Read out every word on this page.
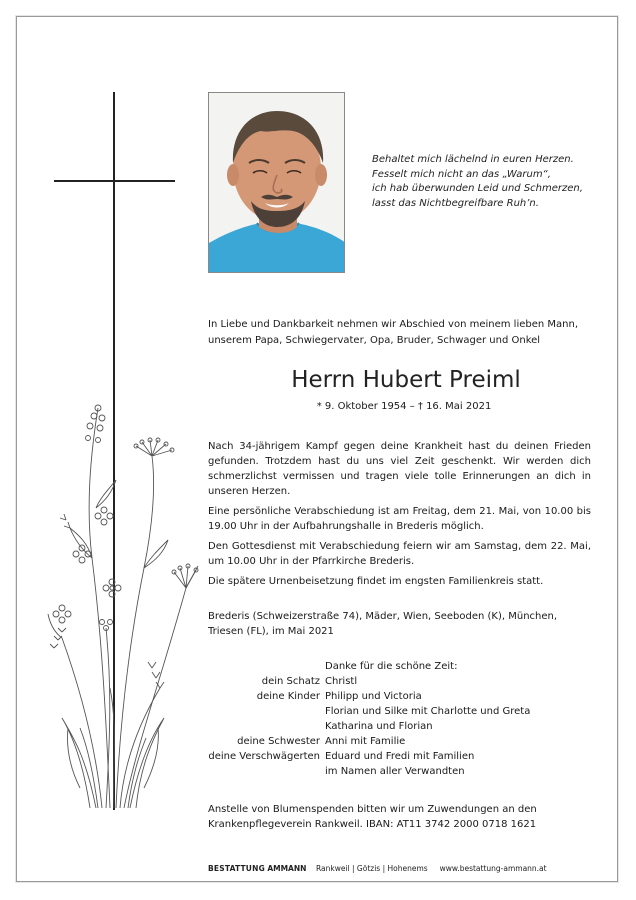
Behaltet mich lächelnd in euren Herzen.
Fesselt mich nicht an das „Warum“,
ich hab überwunden Leid und Schmerzen,
lasst das Nichtbegreifbare Ruh’n.
In Liebe und Dankbarkeit nehmen wir Abschied von meinem lieben Mann,
unserem Papa, Schwiegervater, Opa, Bruder, Schwager und Onkel
Herrn Hubert Preiml
* 9. Oktober 1954 – † 16. Mai 2021

Nach 34-jährigem Kampf gegen deine Krankheit hast du deinen Frieden gefunden. Trotzdem hast du uns viel Zeit geschenkt. Wir werden dich schmerzlichst vermissen und tragen viele tolle Erinnerungen an dich in unseren Herzen.

Eine persönliche Verabschiedung ist am Freitag, dem 21. Mai, von 10.00 bis 19.00 Uhr in der Aufbahrungshalle in Brederis möglich.

Den Gottesdienst mit Verabschiedung feiern wir am Samstag, dem 22. Mai, um 10.00 Uhr in der Pfarrkirche Brederis.

Die spätere Urnenbeisetzung findet im engsten Familienkreis statt.

Brederis (Schweizerstraße 74), Mäder, Wien, Seeboden (K), München,
Triesen (FL), im Mai 2021
Danke für die schöne Zeit:
dein Schatz Christl
deine Kinder Philipp und Victoria
Florian und Silke mit Charlotte und Greta
Katharina und Florian
deine Schwester Anni mit Familie
deine Verschwägerten Eduard und Fredi mit Familien
im Namen aller Verwandten
Anstelle von Blumenspenden bitten wir um Zuwendungen an den
Krankenpflegeverein Rankweil. IBAN: AT11 3742 2000 0718 1621
BESTATTUNG AMMANN Rankweil | Götzis | Hohenems www.bestattung-ammann.at
